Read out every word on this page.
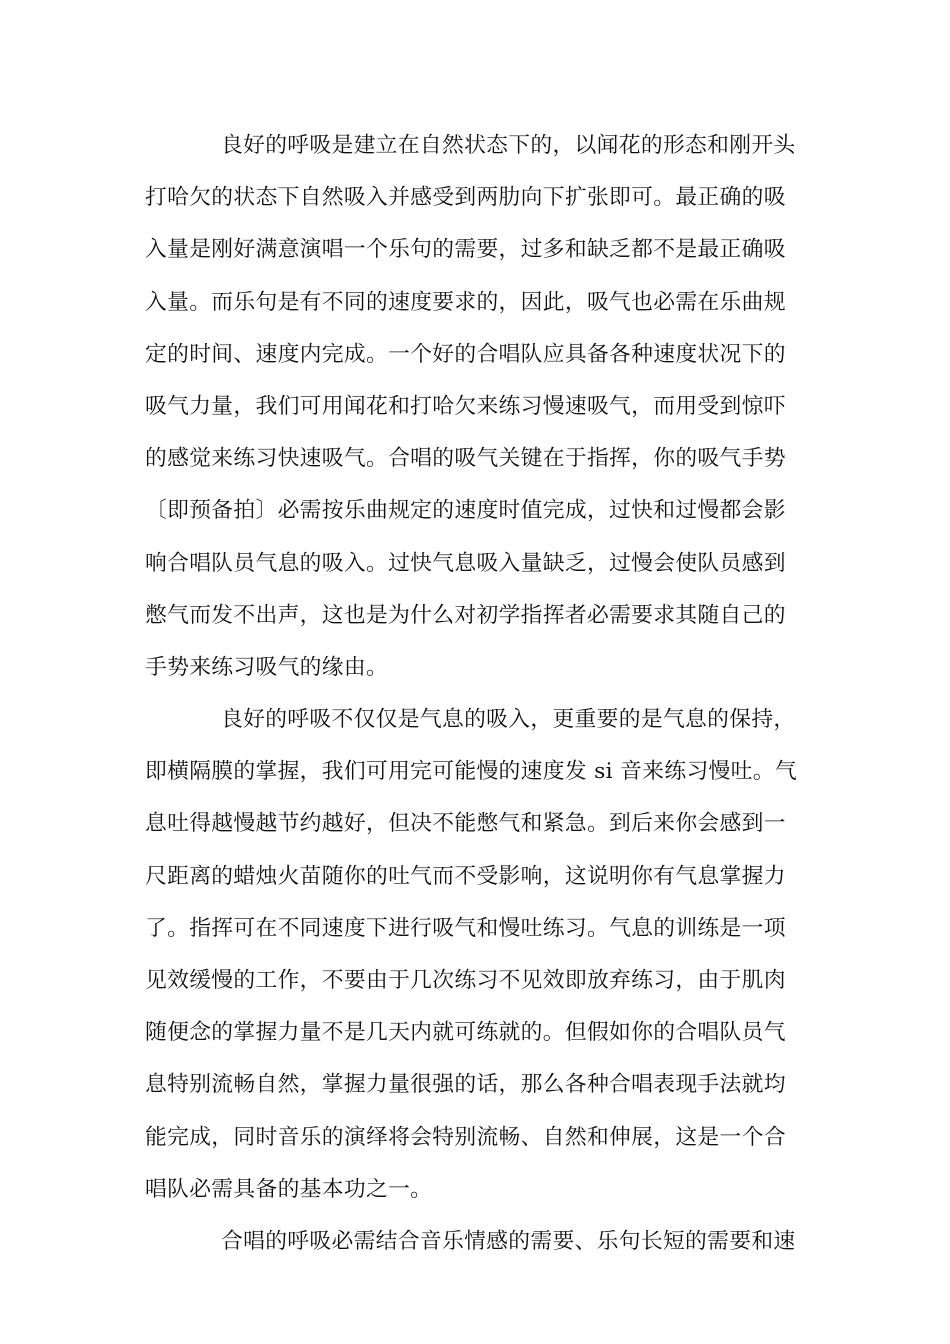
良好的呼吸是建立在自然状态下的，以闻花的形态和刚开头
打哈欠的状态下自然吸入并感受到两肋向下扩张即可。最正确的吸
入量是刚好满意演唱一个乐句的需要，过多和缺乏都不是最正确吸
入量。而乐句是有不同的速度要求的，因此，吸气也必需在乐曲规
定的时间、速度内完成。一个好的合唱队应具备各种速度状况下的
吸气力量，我们可用闻花和打哈欠来练习慢速吸气，而用受到惊吓
的感觉来练习快速吸气。合唱的吸气关键在于指挥，你的吸气手势
〔即预备拍〕必需按乐曲规定的速度时值完成，过快和过慢都会影
响合唱队员气息的吸入。过快气息吸入量缺乏，过慢会使队员感到
憋气而发不出声，这也是为什么对初学指挥者必需要求其随自己的
手势来练习吸气的缘由。
良好的呼吸不仅仅是气息的吸入，更重要的是气息的保持，
即横隔膜的掌握，我们可用完可能慢的速度发 si 音来练习慢吐。气
息吐得越慢越节约越好，但决不能憋气和紧急。到后来你会感到一
尺距离的蜡烛火苗随你的吐气而不受影响，这说明你有气息掌握力
了。指挥可在不同速度下进行吸气和慢吐练习。气息的训练是一项
见效缓慢的工作，不要由于几次练习不见效即放弃练习，由于肌肉
随便念的掌握力量不是几天内就可练就的。但假如你的合唱队员气
息特别流畅自然，掌握力量很强的话，那么各种合唱表现手法就均
能完成，同时音乐的演绎将会特别流畅、自然和伸展，这是一个合
唱队必需具备的基本功之一。
合唱的呼吸必需结合音乐情感的需要、乐句长短的需要和速
